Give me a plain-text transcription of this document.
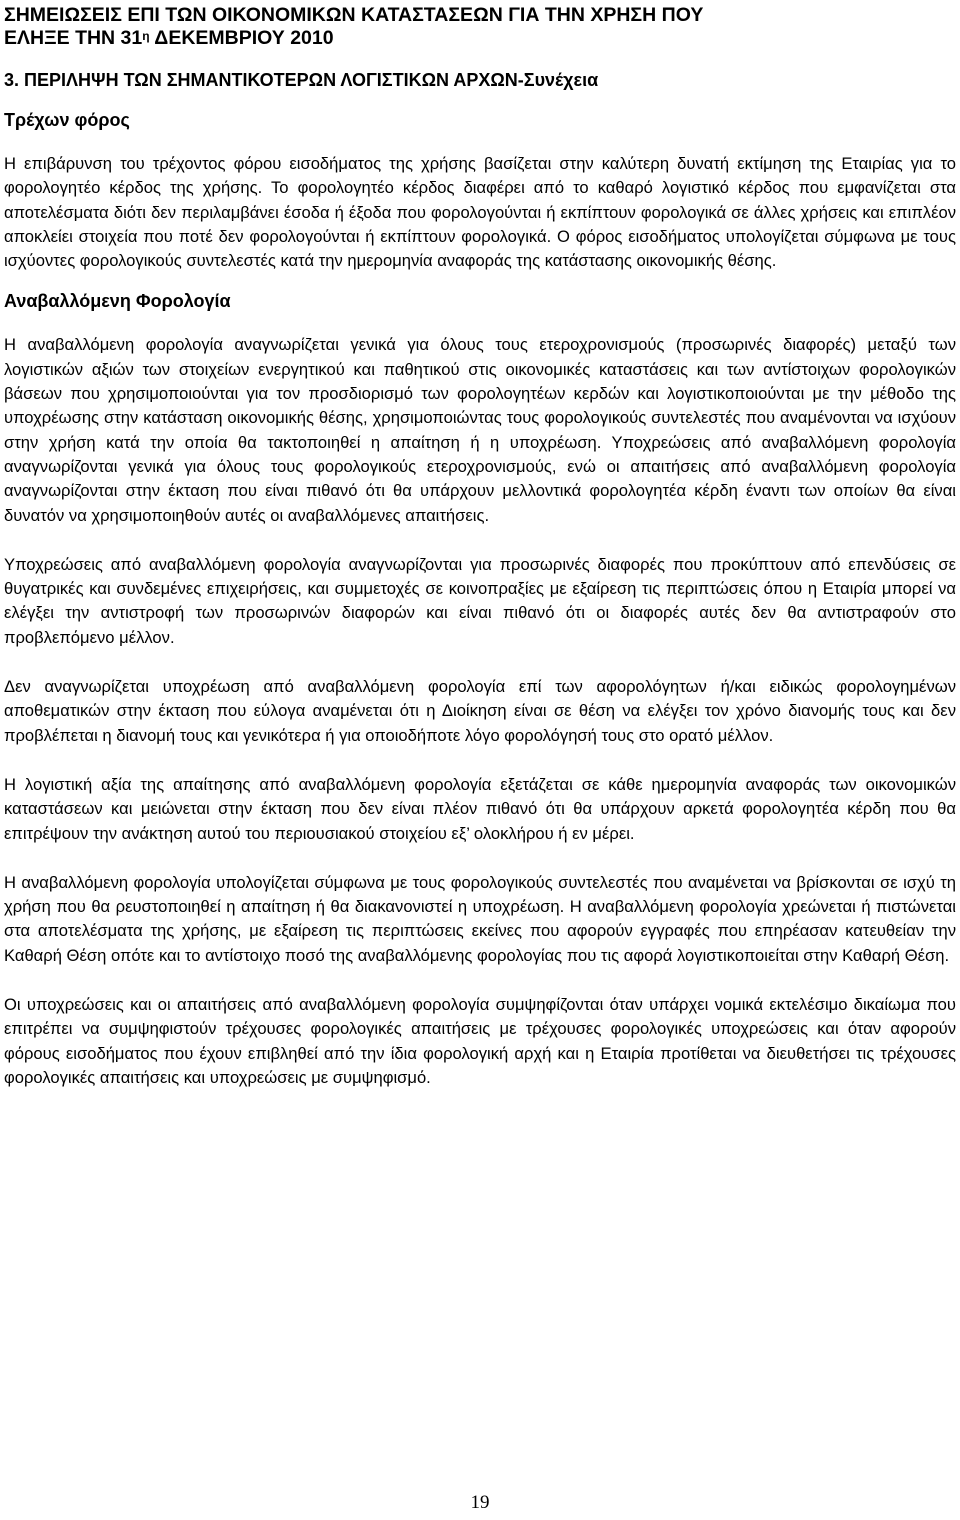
ΣΗΜΕΙΩΣΕΙΣ ΕΠΙ ΤΩΝ ΟΙΚΟΝΟΜΙΚΩΝ ΚΑΤΑΣΤΑΣΕΩΝ ΓΙΑ ΤΗΝ ΧΡΗΣΗ ΠΟΥ
ΕΛΗΞΕ ΤΗΝ $31^\eta$ ΔΕΚΕΜΒΡΙΟΥ 2010
3. ΠΕΡΙΛΗΨΗ ΤΩΝ ΣΗΜΑΝΤΙΚΟΤΕΡΩΝ ΛΟΓΙΣΤΙΚΩΝ ΑΡΧΩΝ-Συνέχεια
Τρέχων φόρος

Η επιβάρυνση του τρέχοντος φόρου εισοδήματος της χρήσης βασίζεται στην καλύτερη δυνατή εκτίμηση της Εταιρίας για το φορολογητέο κέρδος της χρήσης. Το φορολογητέο κέρδος διαφέρει από το καθαρό λογιστικό κέρδος που εμφανίζεται στα αποτελέσματα διότι δεν περιλαμβάνει έσοδα ή έξοδα που φορολογούνται ή εκπίπτουν φορολογικά σε άλλες χρήσεις και επιπλέον αποκλείει στοιχεία που ποτέ δεν φορολογούνται ή εκπίπτουν φορολογικά. Ο φόρος εισοδήματος υπολογίζεται σύμφωνα με τους ισχύοντες φορολογικούς συντελεστές κατά την ημερομηνία αναφοράς της κατάστασης οικονομικής θέσης.

Αναβαλλόμενη Φορολογία

Η αναβαλλόμενη φορολογία αναγνωρίζεται γενικά για όλους τους ετεροχρονισμούς (προσωρινές διαφορές) μεταξύ των λογιστικών αξιών των στοιχείων ενεργητικού και παθητικού στις οικονομικές καταστάσεις και των αντίστοιχων φορολογικών βάσεων που χρησιμοποιούνται για τον προσδιορισμό των φορολογητέων κερδών και λογιστικοποιούνται με την μέθοδο της υποχρέωσης στην κατάσταση οικονομικής θέσης, χρησιμοποιώντας τους φορολογικούς συντελεστές που αναμένονται να ισχύουν στην χρήση κατά την οποία θα τακτοποιηθεί η απαίτηση ή η υποχρέωση. Υποχρεώσεις από αναβαλλόμενη φορολογία αναγνωρίζονται γενικά για όλους τους φορολογικούς ετεροχρονισμούς, ενώ οι απαιτήσεις από αναβαλλόμενη φορολογία αναγνωρίζονται στην έκταση που είναι πιθανό ότι θα υπάρχουν μελλοντικά φορολογητέα κέρδη έναντι των οποίων θα είναι δυνατόν να χρησιμοποιηθούν αυτές οι αναβαλλόμενες απαιτήσεις.

Υποχρεώσεις από αναβαλλόμενη φορολογία αναγνωρίζονται για προσωρινές διαφορές που προκύπτουν από επενδύσεις σε θυγατρικές και συνδεμένες επιχειρήσεις, και συμμετοχές σε κοινοπραξίες με εξαίρεση τις περιπτώσεις όπου η Εταιρία μπορεί να ελέγξει την αντιστροφή των προσωρινών διαφορών και είναι πιθανό ότι οι διαφορές αυτές δεν θα αντιστραφούν στο προβλεπόμενο μέλλον.

Δεν αναγνωρίζεται υποχρέωση από αναβαλλόμενη φορολογία επί των αφορολόγητων ή/και ειδικώς φορολογημένων αποθεματικών στην έκταση που εύλογα αναμένεται ότι η Διοίκηση είναι σε θέση να ελέγξει τον χρόνο διανομής τους και δεν προβλέπεται η διανομή τους και γενικότερα ή για οποιοδήποτε λόγο φορολόγησή τους στο ορατό μέλλον.

Η λογιστική αξία της απαίτησης από αναβαλλόμενη φορολογία εξετάζεται σε κάθε ημερομηνία αναφοράς των οικονομικών καταστάσεων και μειώνεται στην έκταση που δεν είναι πλέον πιθανό ότι θα υπάρχουν αρκετά φορολογητέα κέρδη που θα επιτρέψουν την ανάκτηση αυτού του περιουσιακού στοιχείου εξ’ ολοκλήρου ή εν μέρει.

Η αναβαλλόμενη φορολογία υπολογίζεται σύμφωνα με τους φορολογικούς συντελεστές που αναμένεται να βρίσκονται σε ισχύ τη χρήση που θα ρευστοποιηθεί η απαίτηση ή θα διακανονιστεί η υποχρέωση. Η αναβαλλόμενη φορολογία χρεώνεται ή πιστώνεται στα αποτελέσματα της χρήσης, με εξαίρεση τις περιπτώσεις εκείνες που αφορούν εγγραφές που επηρέασαν κατευθείαν την Καθαρή Θέση οπότε και το αντίστοιχο ποσό της αναβαλλόμενης φορολογίας που τις αφορά λογιστικοποιείται στην Καθαρή Θέση.

Οι υποχρεώσεις και οι απαιτήσεις από αναβαλλόμενη φορολογία συμψηφίζονται όταν υπάρχει νομικά εκτελέσιμο δικαίωμα που επιτρέπει να συμψηφιστούν τρέχουσες φορολογικές απαιτήσεις με τρέχουσες φορολογικές υποχρεώσεις και όταν αφορούν φόρους εισοδήματος που έχουν επιβληθεί από την ίδια φορολογική αρχή και η Εταιρία προτίθεται να διευθετήσει τις τρέχουσες φορολογικές απαιτήσεις και υποχρεώσεις με συμψηφισμό.

19
